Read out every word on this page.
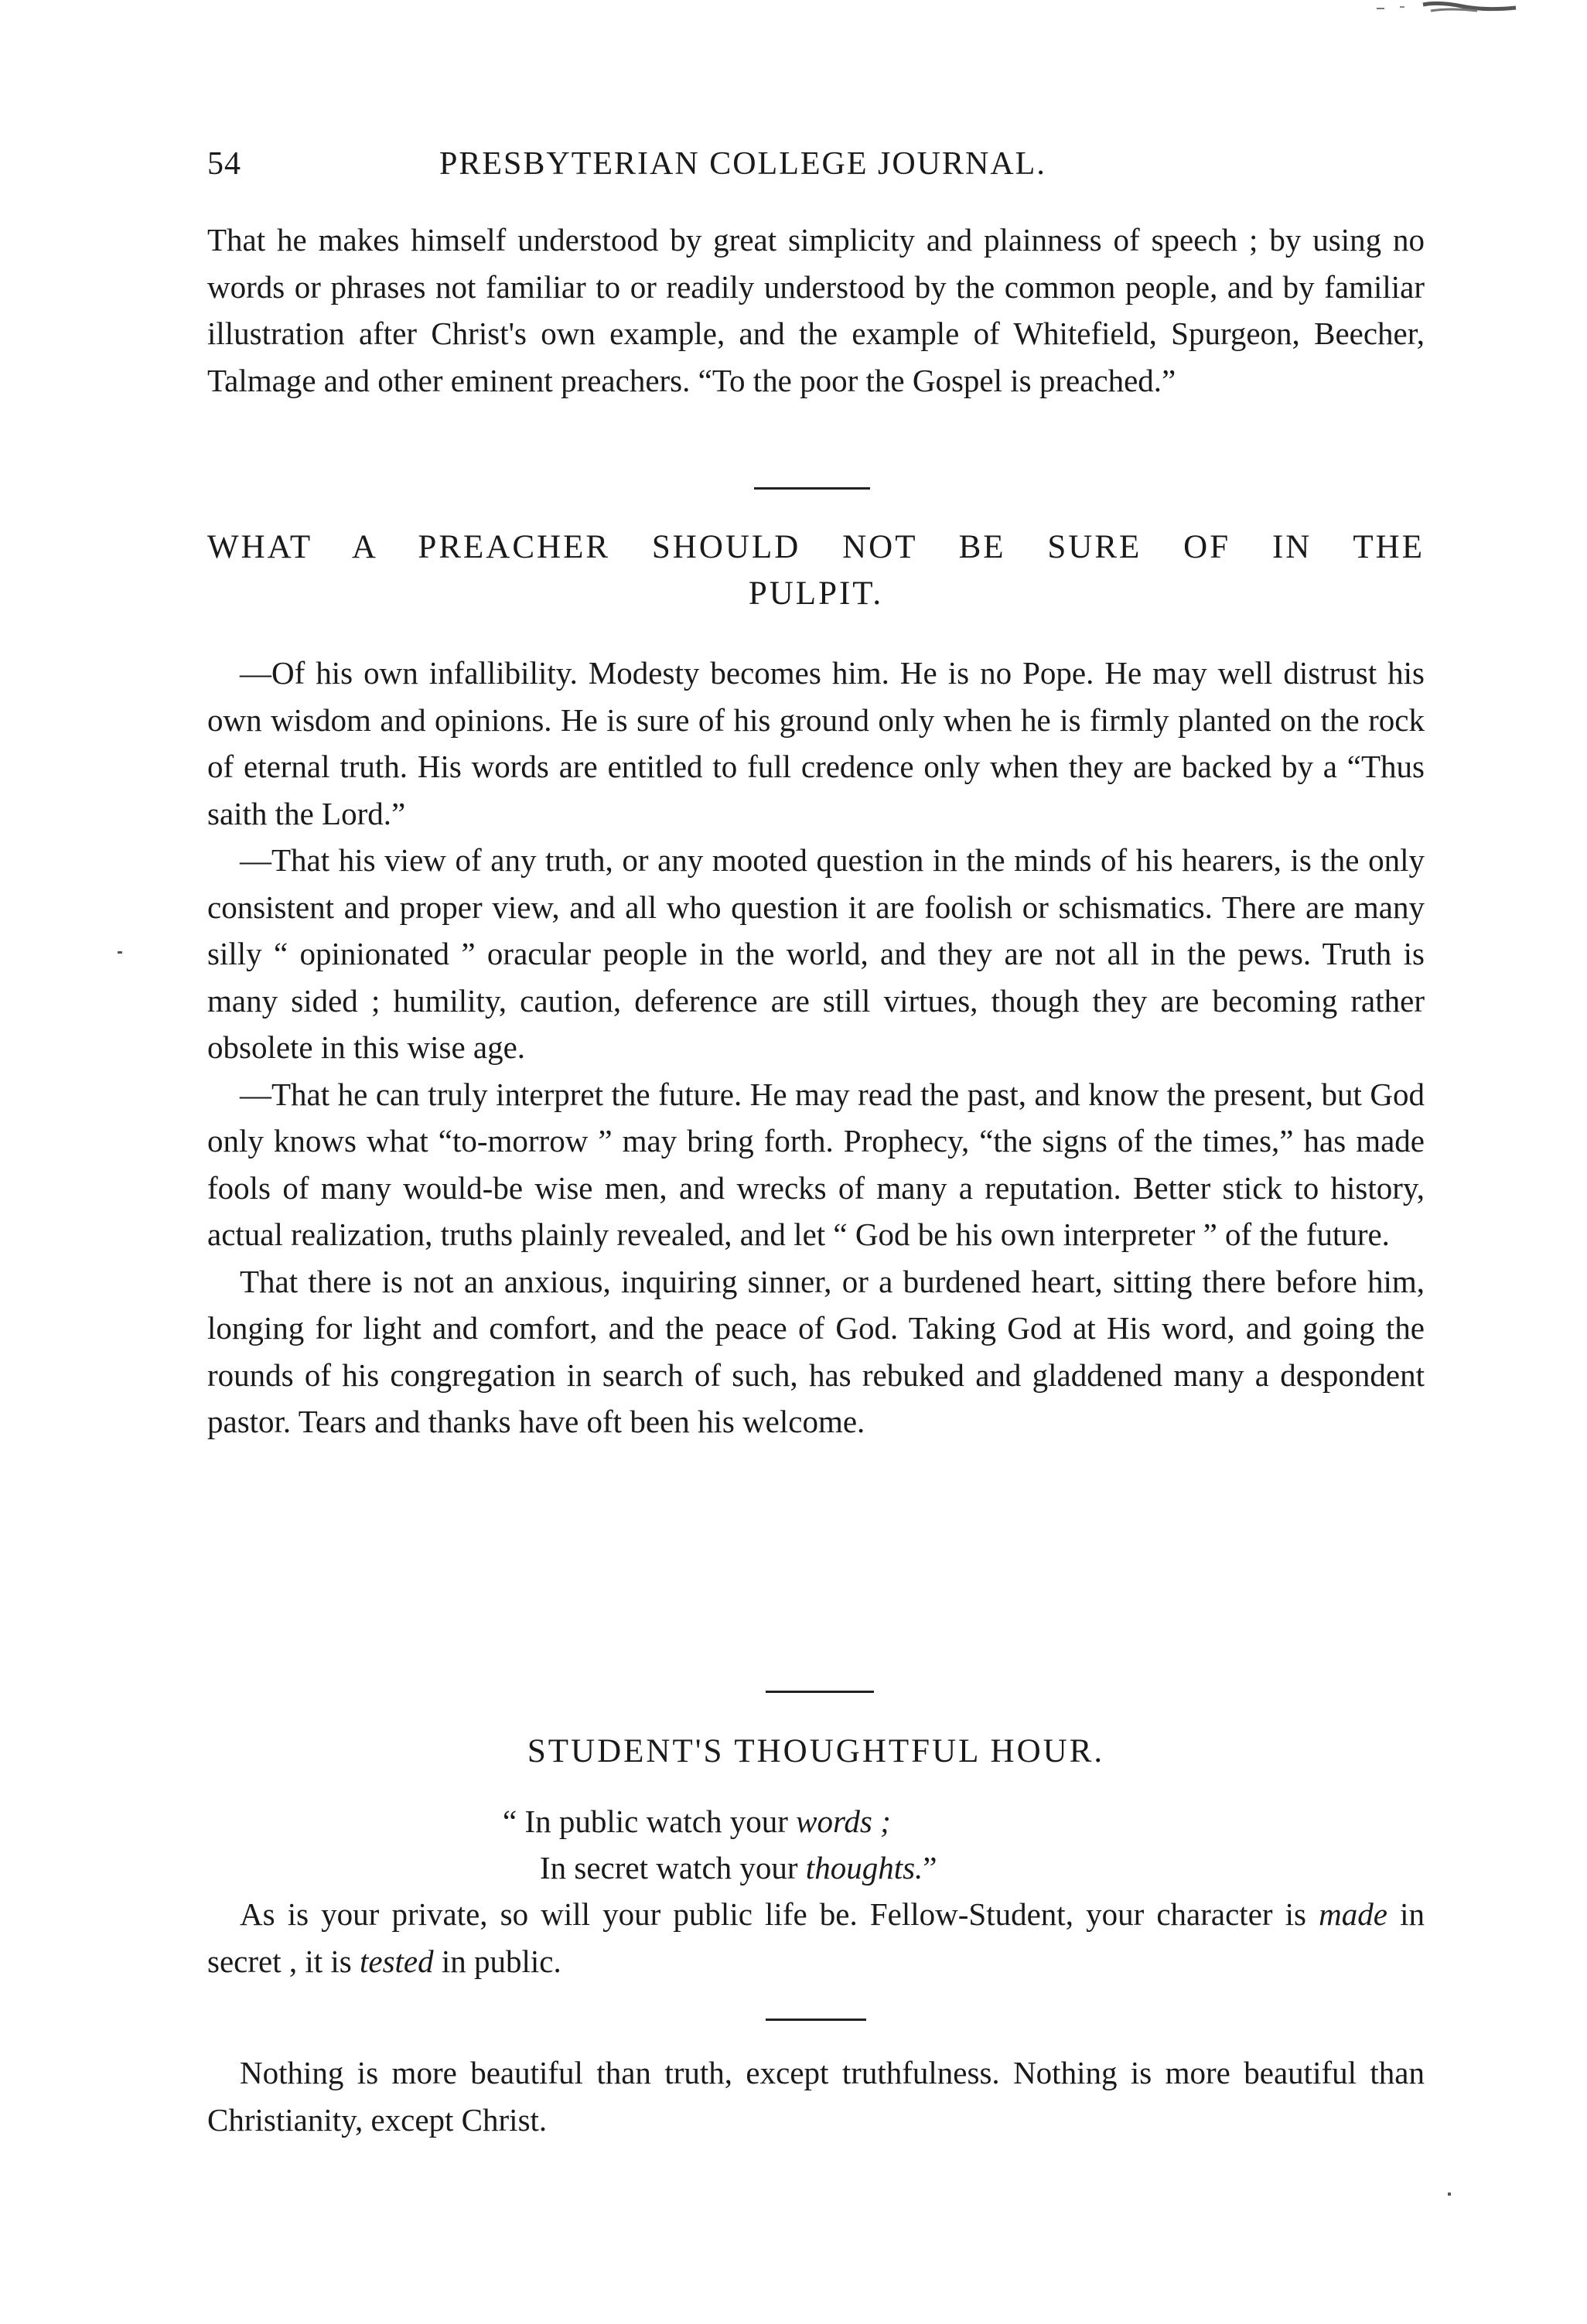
54	PRESBYTERIAN COLLEGE JOURNAL.

That he makes himself understood by great simplicity and plainness of speech ; by using no words or phrases not familiar to or readily understood by the common people, and by familiar illustration after Christ's own example, and the example of Whitefield, Spurgeon, Beecher, Talmage and other eminent preachers. “To the poor the Gospel is preached.”

WHAT A PREACHER SHOULD NOT BE SURE OF IN THE
PULPIT.

—Of his own infallibility. Modesty becomes him. He is no Pope. He may well distrust his own wisdom and opinions. He is sure of his ground only when he is firmly planted on the rock of eternal truth. His words are entitled to full credence only when they are backed by a “Thus saith the Lord.”

—That his view of any truth, or any mooted question in the minds of his hearers, is the only consistent and proper view, and all who question it are foolish or schismatics. There are many silly “ opinionated ” oracular people in the world, and they are not all in the pews. Truth is many sided ; humility, caution, deference are still virtues, though they are becoming rather obsolete in this wise age.

—That he can truly interpret the future. He may read the past, and know the present, but God only knows what “to-morrow ” may bring forth. Prophecy, “the signs of the times,” has made fools of many would-be wise men, and wrecks of many a reputation. Better stick to history, actual realization, truths plainly revealed, and let “ God be his own interpreter ” of the future.

That there is not an anxious, inquiring sinner, or a burdened heart, sitting there before him, longing for light and comfort, and the peace of God. Taking God at His word, and going the rounds of his congregation in search of such, has rebuked and gladdened many a despondent pastor. Tears and thanks have oft been his welcome.

STUDENT'S THOUGHTFUL HOUR.
“ In public watch your words ;
In secret watch your thoughts.”

As is your private, so will your public life be. Fellow-Student, your character is made in secret , it is tested in public.

Nothing is more beautiful than truth, except truthfulness. Nothing is more beautiful than Christianity, except Christ.
